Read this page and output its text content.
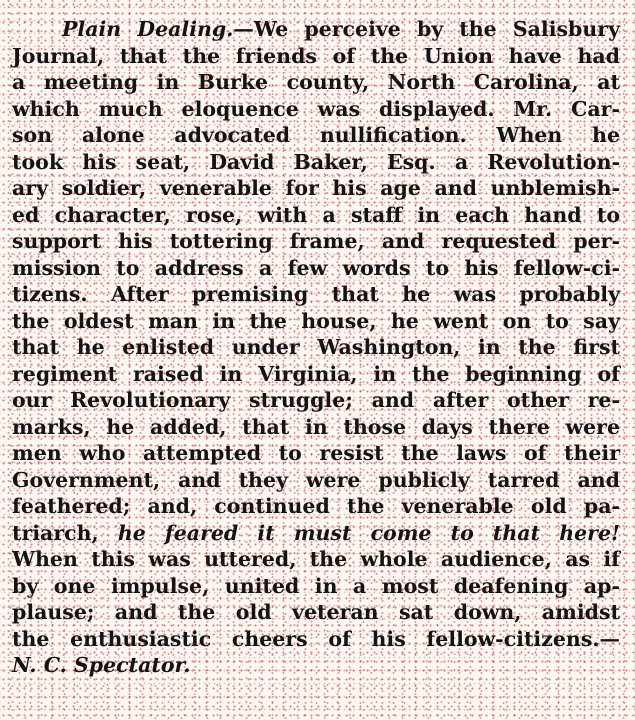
Plain Dealing.—We perceive by the Salisbury
Journal, that the friends of the Union have had
a meeting in Burke county, North Carolina, at
which much eloquence was displayed. Mr. Car-
son alone advocated nullification. When he
took his seat, David Baker, Esq. a Revolution-
ary soldier, venerable for his age and unblemish-
ed character, rose, with a staff in each hand to
support his tottering frame, and requested per-
mission to address a few words to his fellow-ci-
tizens. After premising that he was probably
the oldest man in the house, he went on to say
that he enlisted under Washington, in the first
regiment raised in Virginia, in the beginning of
our Revolutionary struggle; and after other re-
marks, he added, that in those days there were
men who attempted to resist the laws of their
Government, and they were publicly tarred and
feathered; and, continued the venerable old pa-
triarch, he feared it must come to that here!
When this was uttered, the whole audience, as if
by one impulse, united in a most deafening ap-
plause; and the old veteran sat down, amidst
the enthusiastic cheers of his fellow-citizens.—
N. C. Spectator.
